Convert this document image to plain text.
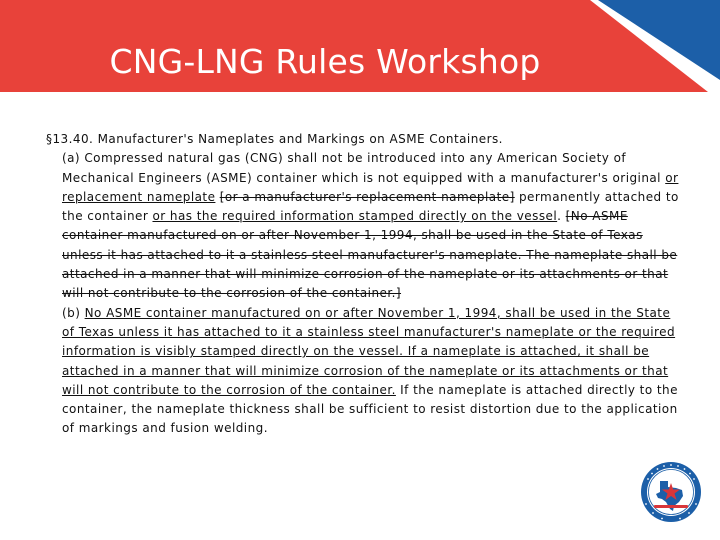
CNG-LNG Rules Workshop
§13.40. Manufacturer's Nameplates and Markings on ASME Containers.
(a) Compressed natural gas (CNG) shall not be introduced into any American Society of Mechanical Engineers (ASME) container which is not equipped with a manufacturer's original or replacement nameplate [or a manufacturer's replacement nameplate] permanently attached to the container or has the required information stamped directly on the vessel. [No ASME container manufactured on or after November 1, 1994, shall be used in the State of Texas unless it has attached to it a stainless steel manufacturer's nameplate. The nameplate shall be attached in a manner that will minimize corrosion of the nameplate or its attachments or that will not contribute to the corrosion of the container.]
(b) No ASME container manufactured on or after November 1, 1994, shall be used in the State of Texas unless it has attached to it a stainless steel manufacturer's nameplate or the required information is visibly stamped directly on the vessel. If a nameplate is attached, it shall be attached in a manner that will minimize corrosion of the nameplate or its attachments or that will not contribute to the corrosion of the container. If the nameplate is attached directly to the container, the nameplate thickness shall be sufficient to resist distortion due to the application of markings and fusion welding.
